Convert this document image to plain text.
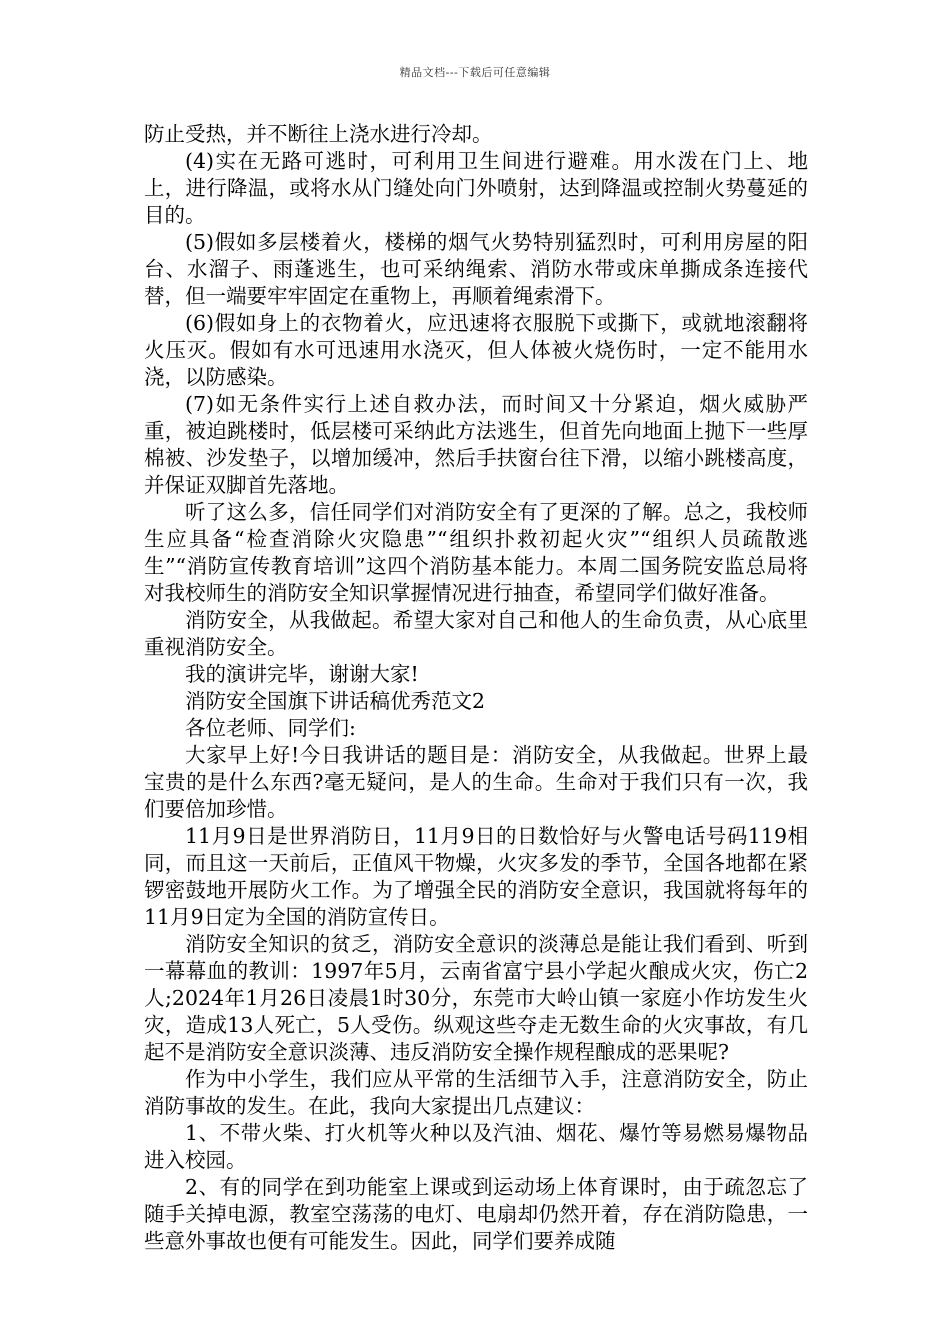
精品文档---下载后可任意编辑

防止受热，并不断往上浇水进行冷却。

(4)实在无路可逃时，可利用卫生间进行避难。用水泼在门上、地上，进行降温，或将水从门缝处向门外喷射，达到降温或控制火势蔓延的目的。

(5)假如多层楼着火，楼梯的烟气火势特别猛烈时，可利用房屋的阳台、水溜子、雨蓬逃生，也可采纳绳索、消防水带或床单撕成条连接代替，但一端要牢牢固定在重物上，再顺着绳索滑下。

(6)假如身上的衣物着火，应迅速将衣服脱下或撕下，或就地滚翻将火压灭。假如有水可迅速用水浇灭，但人体被火烧伤时，一定不能用水浇，以防感染。

(7)如无条件实行上述自救办法，而时间又十分紧迫，烟火威胁严重，被迫跳楼时，低层楼可采纳此方法逃生，但首先向地面上抛下一些厚棉被、沙发垫子，以增加缓冲，然后手扶窗台往下滑，以缩小跳楼高度，并保证双脚首先落地。

听了这么多，信任同学们对消防安全有了更深的了解。总之，我校师生应具备“检查消除火灾隐患”“组织扑救初起火灾”“组织人员疏散逃生”“消防宣传教育培训”这四个消防基本能力。本周二国务院安监总局将对我校师生的消防安全知识掌握情况进行抽查，希望同学们做好准备。

消防安全，从我做起。希望大家对自己和他人的生命负责，从心底里重视消防安全。

我的演讲完毕，谢谢大家!

消防安全国旗下讲话稿优秀范文2

各位老师、同学们:

大家早上好!今日我讲话的题目是：消防安全，从我做起。世界上最宝贵的是什么东西?毫无疑问，是人的生命。生命对于我们只有一次，我们要倍加珍惜。

11月9日是世界消防日，11月9日的日数恰好与火警电话号码119相同，而且这一天前后，正值风干物燥，火灾多发的季节，全国各地都在紧锣密鼓地开展防火工作。为了增强全民的消防安全意识，我国就将每年的11月9日定为全国的消防宣传日。

消防安全知识的贫乏，消防安全意识的淡薄总是能让我们看到、听到一幕幕血的教训：1997年5月，云南省富宁县小学起火酿成火灾，伤亡2人;2024年1月26日凌晨1时30分，东莞市大岭山镇一家庭小作坊发生火灾，造成13人死亡，5人受伤。纵观这些夺走无数生命的火灾事故，有几起不是消防安全意识淡薄、违反消防安全操作规程酿成的恶果呢?

作为中小学生，我们应从平常的生活细节入手，注意消防安全，防止消防事故的发生。在此，我向大家提出几点建议：

1、不带火柴、打火机等火种以及汽油、烟花、爆竹等易燃易爆物品进入校园。

2、有的同学在到功能室上课或到运动场上体育课时，由于疏忽忘了随手关掉电源，教室空荡荡的电灯、电扇却仍然开着，存在消防隐患，一些意外事故也便有可能发生。因此，同学们要养成随
